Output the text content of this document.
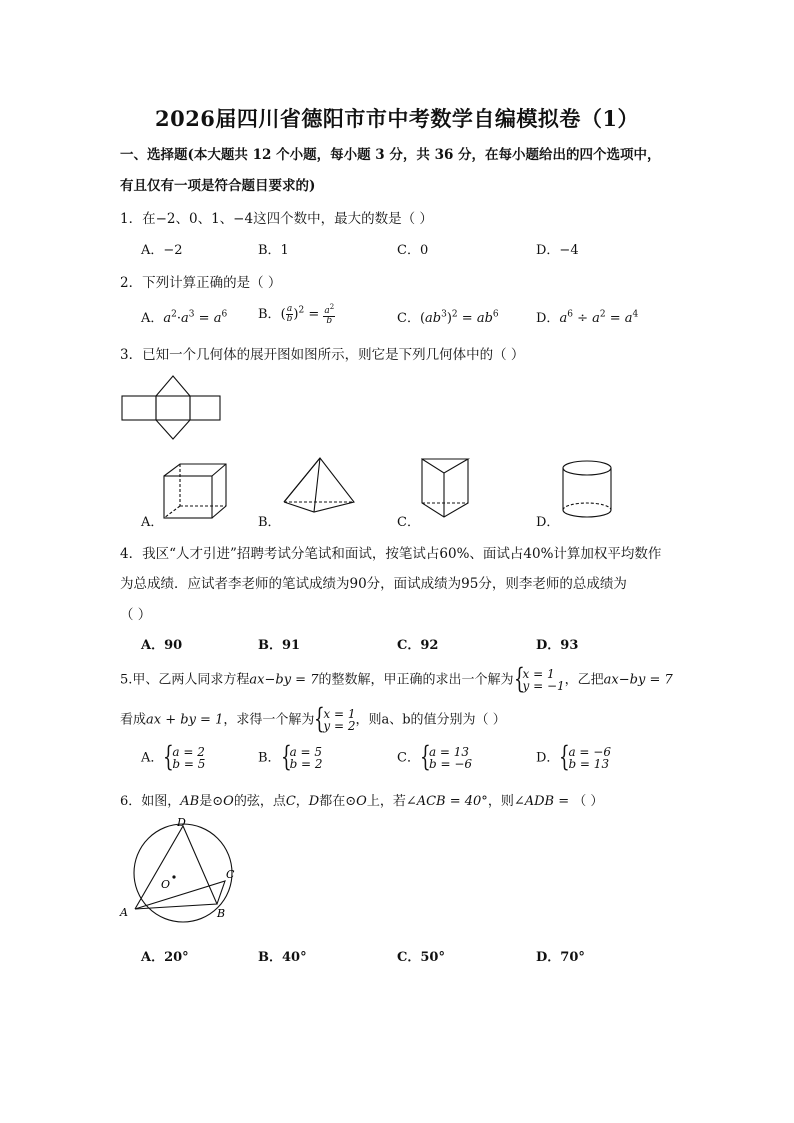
2026届四川省德阳市市中考数学自编模拟卷（1）
一、选择题(本大题共 12 个小题，每小题 3 分，共 36 分，在每小题给出的四个选项中，
有且仅有一项是符合题目要求的)
1．在−2、0、1、−4这四个数中，最大的数是（ ）
A．−2	B．1	C．0	D．−4
2．下列计算正确的是（ ）
A．$a^2\cdot a^3 = a^6$ B．( $\frac{a}{b} )^2 = \frac{a^2}{b}$	C．$(ab^3)^2 = ab^6$	D．$a^6 \div a^2 = a^4$
3．已知一个几何体的展开图如图所示，则它是下列几何体中的（ ）
A．	B．	C．	D．
4．我区“人才引进”招聘考试分笔试和面试，按笔试占60%、面试占40%计算加权平均数作
为总成绩．应试者李老师的笔试成绩为90分，面试成绩为95分，则李老师的总成绩为
（ ）
A．90	B．91	C．92	D．93
5.甲、乙两人同求方程ax−by = 7的整数解，甲正确的求出一个解为 {
x = 1
y = −1 ，乙把ax−by = 7
看成ax + by = 1，求得一个解为 {
x = 1
y = 2 ，则a、b的值分别为（ ）
A． {
a = 2
b = 5	B． {
a = 5
b = 2	C． {
a = 13
b = −6	D． {
a = −6
b = 13
6．如图，AB是⊙O的弦，点C，D都在⊙O上，若∠ACB = 40°，则∠ADB = （ ）
D
C
A	B
O
A．20°	B．40°	C．50°	D．70°
